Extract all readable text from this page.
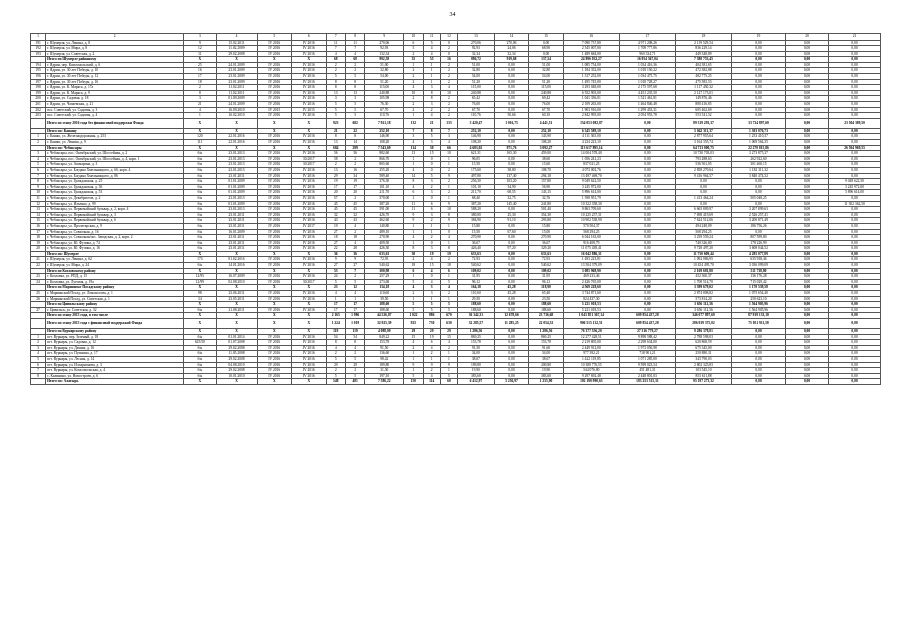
34
1	2	3	4	5	6	7	8	9	10	11	12	13	14	15	16	17	18	19	20	21
191	г. Шумерля, ул. Ленина, д. 8	9	15.02.2011	IV 2016	IV 2016	11	11	270,06	6	5	0	270,06	270,06	0,00	7 090 737,80	4 971 208,26	2 119 529,54	0,00	0,00	0,00
192	г. Шумерля, ул. Мира, д. 8	12	11.02.2009	IV 2016	IV 2016	7	7	92,93	5	4	2	92,93	24,06	68,90	2 545 007,00	1 708 777,86	836 229,14	0,00	0,00	0,00
193	г. Шумерля, ул. Советская, д. 2	11	29.02.2008	IV 2016	IV 2016	4	4	132,34	2	4	0	32,34	32,34	0,00	1 489 684,00	960 334,71	449 348,89	0,00	0,00	0,00
	Итого по Шумерле районному	X	X	X	X	68	68	992,58	35	55	16	886,72	919,68	137,54	24 896 032,27	16 954 367,04	7 380 753,45	0,00	0,00	0,00
194	г. Ядрин, пер. Комсомольский, д. 6	25	24.01.2009	IV 2016	IV 2016	2	2	51,00	1	1	2	51,00	0,00	51,00	1 085 754,00	1 034 416,36	404 381,65	0,00	0,00	0,00
195	г. Ядрин, ул. 30 лет Победы, д. 10	16	23.01.2009	IV 2016	IV 2016	2	2	32,80	2	1	2	32,80	0,00	32,80	1 184 352,00	1 018 150,22	472 382,88	0,00	0,00	0,00
196	г. Ядрин, ул. 30 лет Победы, д. 12	17	23.01.2009	IV 2016	IV 2016	5	5	54,00	2	1	2	54,00	0,00	54,00	1 317 252,00	1 034 475,75	482 775,25	0,00	0,00	0,00
197	г. Ядрин, ул. 30 лет Победы, д. 16	18	23.01.2009	IV 2016	IV 2016	8	8	51,20	2	1	2	51,20	0,00	51,20	1 495 745,00	1 018 728,27	475 583,53	0,00	0,00	0,00
198	г. Ядрин, ул. К. Маркса, д. 17а	2	11.02.2011	IV 2016	IV 2016	8	8	115,00	4	3	4	115,00	0,00	115,00	3 293 048,00	2 175 597,68	1 117 450,32	0,00	0,00	0,00
199	г. Ядрин, ул. К. Маркса, д. 9	8	11.02.2011	IV 2016	IV 2016	13	13	240,88	10	8	10	240,88	0,00	240,88	6 552 903,00	4 451 235,50	2 127 173,01	0,00	0,00	0,00
200	г. Ядрин, ул. Садовая, д. 18	3	01.09.2009	IV 2016	IV 2016	3	3	105,98	2	8	2	65,42	0,00	69,42	1 041 356,01	1 521 461,81	149 876,46	0,00	0,00	0,00
201	г. Ядрин, ул. Чапаевская, д. 21	21	24.01.2009	IV 2016	IV 2016	5	5	76,30	2	3	2	76,00	0,00	76,00	2 109 263,00	1 464 846,48	880 416,85	0,00	0,00	0,00
202	пос. Советский, ул. Садовая, д. 3	4	16.09.2010	IV 2015	IV 2015	5	5	67,70	2	2	2	67,70	0,00	67,70	1 903 916,00	1 299 453,31	605 462,69	0,00	0,00	0,00
203	пос. Советский, ул. Садовая, д. 4	1	16.02.2010	IV 2016	IV 2016	5	5	110,76	1	4	2	110,76	50,66	60,10	2 842 995,00	2 054 955,78	553 541,52	0,00	0,00	0,00
	Итого по этапу 2016 года без финансовой поддержки Фонда	X	X	X	X	923	682	7 921,18	132	21	133	5 420,47	1 016,75	4 441,51	154 053 082,87	0,00	89 319 293,37	33 734 897,68	0,00	23 504 389,50
	Итого по: Канашу	X	X	X	X	21	22	252,10	7	8	7	252,10	0,00	252,10	6 345 589,10	0,00	5 042 311,37	1 303 076,73	0,00	0,00
1	г. Канаш, ул. Железнодорожная, д. 253	120	22.01.2016	IV 2016	IV 2016	8	8	146,90	3	5	3	146,90	0,00	143,90	4 111 365,00	0,00	2 877 955,64	1 233 410,37	0,00	0,00
2	г. Канаш, ул. Ленина, д. 9	111	22.01.2016	IV 2016	IV 2016	13	14	108,20	4	3	4	108,20	0,00	108,20	4 234 223,10	0,00	3 164 355,74	1 069 564,35	0,00	0,00
	Итого по: Чебоксары	X	X	X	X	684	299	7 543,69	114	30	66	4 683,02	971,76	3 092,27	113 617 895,14	0,00	64 713 000,75	22 270 815,86	0,00	26 504 969,55
3	г. Чебоксары, пос. Октябрьский, ул. Шоссейная, д. 2	б/н	23.01.2013	IV 2016	IV 2016	56	56	882,60	13	15	10	621,31	165,30	459,00	14 004 578,40	0,00	10 730 703,03	3 273 875,37	0,00	0,00
4	г. Чебоксары, пос. Октябрьский, ул. Шоссейная, д. 4, корп. 1	б/н	23.01.2013	IV 2016	30.2017	58	2	866,70	1	0	1	96,05	0,00	38,60	1 056 241,23	0,00	793 288,63	262 922,60	0,00	0,00
5	г. Чебоксары, ул. Ашмарина, д. 3	б/н	23.01.2013	IV 2016	30.2017	2	2	865,60	1	0	1	15,50	0,00	15,60	837 021,25	0,00	536 561,05	301 460,15	0,00	0,00
6	г. Чебоксары, ул. Богдана Хмельницкого, д. 66, корп. 4	б/н	23.01.2013	IV 2016	IV 2016	13	16	255,20	4	0	2	175,60	38,80	108,70	4 073 002,76	0,00	2 858 270,64	1 182 311,32	0,00	0,00
7	г. Чебоксары, ул. Богдана Хмельницкого, д. 86	б/н	23.01.2011	IV 2016	IV 2016	29	34	589,40	14	5	9	497,80	137,40	294,10	13 497 469,70	0,00	9 416 964,57	3 840 474,32	0,00	0,00
8	г. Чебоксары, ул. Гражданская, д. 25	б/н	01.01.2009	IV 2016	IV 2016	19	19	376,30	8	3	2	256,30	103,20	157,80	9 049 622,50	0,00	0,00	0,00	0,00	9 049 622,50
9	г. Чебоксары, ул. Гражданская, д. 36	б/н	01.01.2009	IV 2016	IV 2016	17	17	101,10	4	2	1	101,10	34,90	56,90	3 245 972,00	0,00	0,00	0,00	0,00	3 245 972,00
10	г. Чебоксары, ул. Гражданская, д. 53	б/н	01.01.2009	IV 2016	IV 2016	20	20	211,70	6	3	2	211,70	68,55	143,15	5 896 614,00	0,00	0,00	0,00	0,00	5 896 614,00
11	г. Чебоксары, ул. Декабристов, д. 2	б/н	23.01.2013	IV 2016	IV 2016	57	2	570,00	1	0	1	68,40	32,75	32,76	1 598 951,79	0,00	1 413 464,24	505 048,25	0,00	0,00
12	г. Чебоксары, ул. Ильенко, д. 99	б/н	01.01.2009	IV 2016	IV 2016	45	45	387,20	11	6	9	387,20	145,40	241,80	10 322 358,30	0,00	0,00	0,00	0,00	11 302 362,50
13	г. Чебоксары, ул. Первомайский бульвар, д. 2, корп. 4	б/н	23.01.2013	IV 2016	IV 2016	45	45	591,00	11	6	10	588,20	0,00	501,40	9 863 709,60	0,00	6 665 809,97	3 207 899,63	0,00	0,00
14	г. Чебоксары, ул. Первомайский бульвар, д. 3	б/н	23.01.2011	IV 2016	IV 2016	32	32	426,70	9	3	8	380,00	25,30	354,30	10 225 257,31	0,00	7 698 419,69	2 526 257,41	0,00	0,00
15	г. Чебоксары, ул. Первомайский бульвар, д. 6	б/н	23.01.2011	IV 2016	IV 2016	43	43	462,60	9	2	9	384,90	91,10	293,80	10 902 538,90	0,00	7 624 512,06	3 200 871,49	0,00	0,00
16	г. Чебоксары, ул. Пролетарская, д. 9	б/н	23.01.2011	IV 2016	IV 2017	19	4	140,80	1	1	1	15,80	0,00	15,80	570 504,37	0,00	494 248,09	186 756,26	0,00	0,00
17	г. Чебоксары, ул. Совхозная, д. 16	б/н	16.01.2009	IV 2016	IV 2016	27	2	489,10	1	1	0	15,50	67,60	15,00	568 294,25	0,00	568 294,25	0,00	0,00	0,00
18	г. Чебоксары, ул. Совхозная/пос. Заводская, д. 2, корп. 2	б/н	23.01.2011	IV 2016	IV 2016	18	18	270,90	4	2	4	270,90	0,00	270,90	6 044 163,00	0,00	3 259 559,24	807 599,80	0,00	0,00
19	г. Чебоксары, ул. Ю. Фучика, д. 74	б/н	23.01.2011	IV 2016	IV 2016	27	4	409,50	1	0	1	36,67	0,00	36,67	916 408,79	0,00	740 326,80	178 226,99	0,00	0,00
20	г. Чебоксары, ул. Ю. Фучика, д. 16	б/н	23.01.2011	IV 2016	IV 2016	22	28	426,30	8	3	8	426,40	97,20	329,20	11 075 438,41	0,00	9 728 497,20	3 608 044,52	0,00	0,00
	Итого по: Шумерле	X	X	X	X	36	36	633,63	30	19	19	633,63	0,00	633,63	16 042 886,31	0,00	11 750 609,44	4 285 077,89	0,00	0,00
21	г. Шумерля, ул. Ленина, д. 62	173	01.02.2016	IV 2016	IV 2016	9	9	72,93	2	4	2	72,93	0,00	72,93	1 493 223,81	0,00	1 092 086,95	635 938,46	0,00	0,00
22	г. Шумерля, ул. Мира, д. 24	б/н	14.01.2016	IV 2016	IV 2016	27	27	540,62	18	15	18	540,62	0,00	540,62	13 504 379,09	0,00	10 454 495,70	3 036 099,09	0,00	0,00
	Итого по Козловскому району	X	X	X	X	53	7	300,98	6	4	6	109,02	0,00	109,02	3 085 968,90	0,00	2 169 681,80	511 738,80	0,00	0,00
23	г. Козловка, ул. РПД, д. 15	12/95	16.07.2009	IV 2016	IV 2016	24	2	257,29	1	0	1	31,95	0,00	31,95	469 233,46	0,00	452 360,37	136 176,28	0,00	0,00
24	г. Козловка, ул. Луговая, д. 19а	12/99	02.08.2010	IV 2016	30.2017	5	5	273,68	5	4	5	96,12	0,00	96,12	2 426 765,00	0,00	1 708 514,70	715 029,42	0,00	0,00
	Итого по Мариинско-Посадскому району	X	X	X	X	23	12	134,18	4	3	4	164,18	45,28	118,90	4 569 228,60	0,00	3 399 679,02	1 170 539,58	0,00	0,00
25	г. Мариинский Посад, ул. Ломоносова, д. 1	98	23.06.2011	IV 2016	IV 2016	4	4	110,60	2	3	2	110,60	45,28	65,40	3 744 871,60	0,00	2 874 808,82	1 075 654,40	0,00	0,00
26	г. Мариинский Посад, ул. Советская, д. 1	34	23.05.2011	IV 2016	IV 2016	1	1	39,50	1	1	1	29,50	0,00	23,50	824 437,30	0,00	573 814,20	250 623,10	0,00	0,00
	Итого по Цивильскому району	X	X	X	X	17	17	188,60	5	5	5	188,60	0,00	188,60	5 221 018,53	0,00	3 656 112,56	1 564 905,96	0,00	0,00
27	г. Цивильск, ул. Советская, д. 32	б/н	21.08.2011	IV 2016	IV 2016	17	17	188,60	5	5	5	188,60	0,00	188,60	5 221 018,53	0,00	3 656 112,56	1 564 905,96	0,00	0,00
	Итого по этапу 2015 года, в том числе	X	X	X	X	2 165	1 986	44 526,07	1 022	886	670	36 342,31	12 678,66	23 736,68	1 043 851 367,14	609 854 437,28	346 077 897,69	87 919 133,18	0,00	0,00
	Итого по этапу 2015 года с финансовой поддержкой Фонда	X	X	X	X	1 224	1 019	32 925,39	925	730	630	32 285,57	11 285,25	22 054,52	906 515 132,51	609 854 437,28	286 039 375,02	75 051 911,58	0,00	0,00
	Итого по Вурнарскому району	X	X	X	X	119	119	4 088,00	29	29	29	1 286,56	0,00	1 286,56	76 377 556,20	27 316 779,27	9 286 378,81	0,00	0,00	0,00
1	пгт. Вурнары, пер. Зеленый, д. 18	б/н	01.01.2014	IV 2016	IV 2016	54	54	849,22	15	19	15	869,25	0,00	869,25	12 277 428,51	9 898 588,42	2 788 598,03	0,00	0,00	0,00
2	пгт. Вурнары, ул. Садовая, д. 12	625/50	01.07.2008	IV 2016	IV 2016	8	8	153,78	4	6	4	153,78	0,00	153,78	2 219 805,00	2 298 634,00	620 868,59	0,00	0,00	0,00
3	пгт. Вурнары, ул. Дачная, д. 16	б/н	29.02.2008	IV 2016	IV 2016	4	4	91,50	2	4	2	91,50	0,00	91,60	2 449 912,00	1 973 056,98	675 345,00	0,00	0,00	0,00
4	пгт. Вурнары, ул. Пушкина, д. 17	б/н	11.05.2008	IV 2016	IV 2016	2	2	136,60	1	2	1	34,00	0,00	34,00	977 392,21	718 901,21	250 880,31	0,00	0,00	0,00
5	пгт. Вурнары, ул. Лесная, д. 14	б/н	29.02.2008	IV 2016	IV 2016	5	5	98,42	1	1	1	38,67	0,00	38,67	1 422 119,85	1 071 285,00	343 790,03	0,00	0,00	0,00
6	пгт. Вурнары, ул. Илларионова, д. 3	б/н	04.08.2010	IV 2016	IV 2016	29	29	189,80	9	9	9	189,80	0,00	200,80	10 380 776,55	9 599 023,54	2 802 325,83	0,00	0,00	0,00
7	пгт. Вурнары, ул. Комсомольская, д. 4	б/н	29.02.2008	IV 2016	IV 2016	2	2	31,30	1	2	1	19,90	0,00	19,90	544 076,80	451 481,31	103 545,10	0,00	0,00	0,00
8	с. Калинино, ул. Новостроев, д. 6	б/н	10.01.2010	IV 2016	IV 2016	5	5	197,10	5	4	5	383,60	0,00	383,60	9 297 692,48	2 448 801,03	853 611,88	0,00	0,00	0,00
	Итого по: Алатырь	X	X	X	X	548	481	7 586,22	150	114	68	6 412,97	5 256,97	1 255,90	192 190 990,63	183 253 515,31	95 197 273,32	0,00	0,00	0,00
